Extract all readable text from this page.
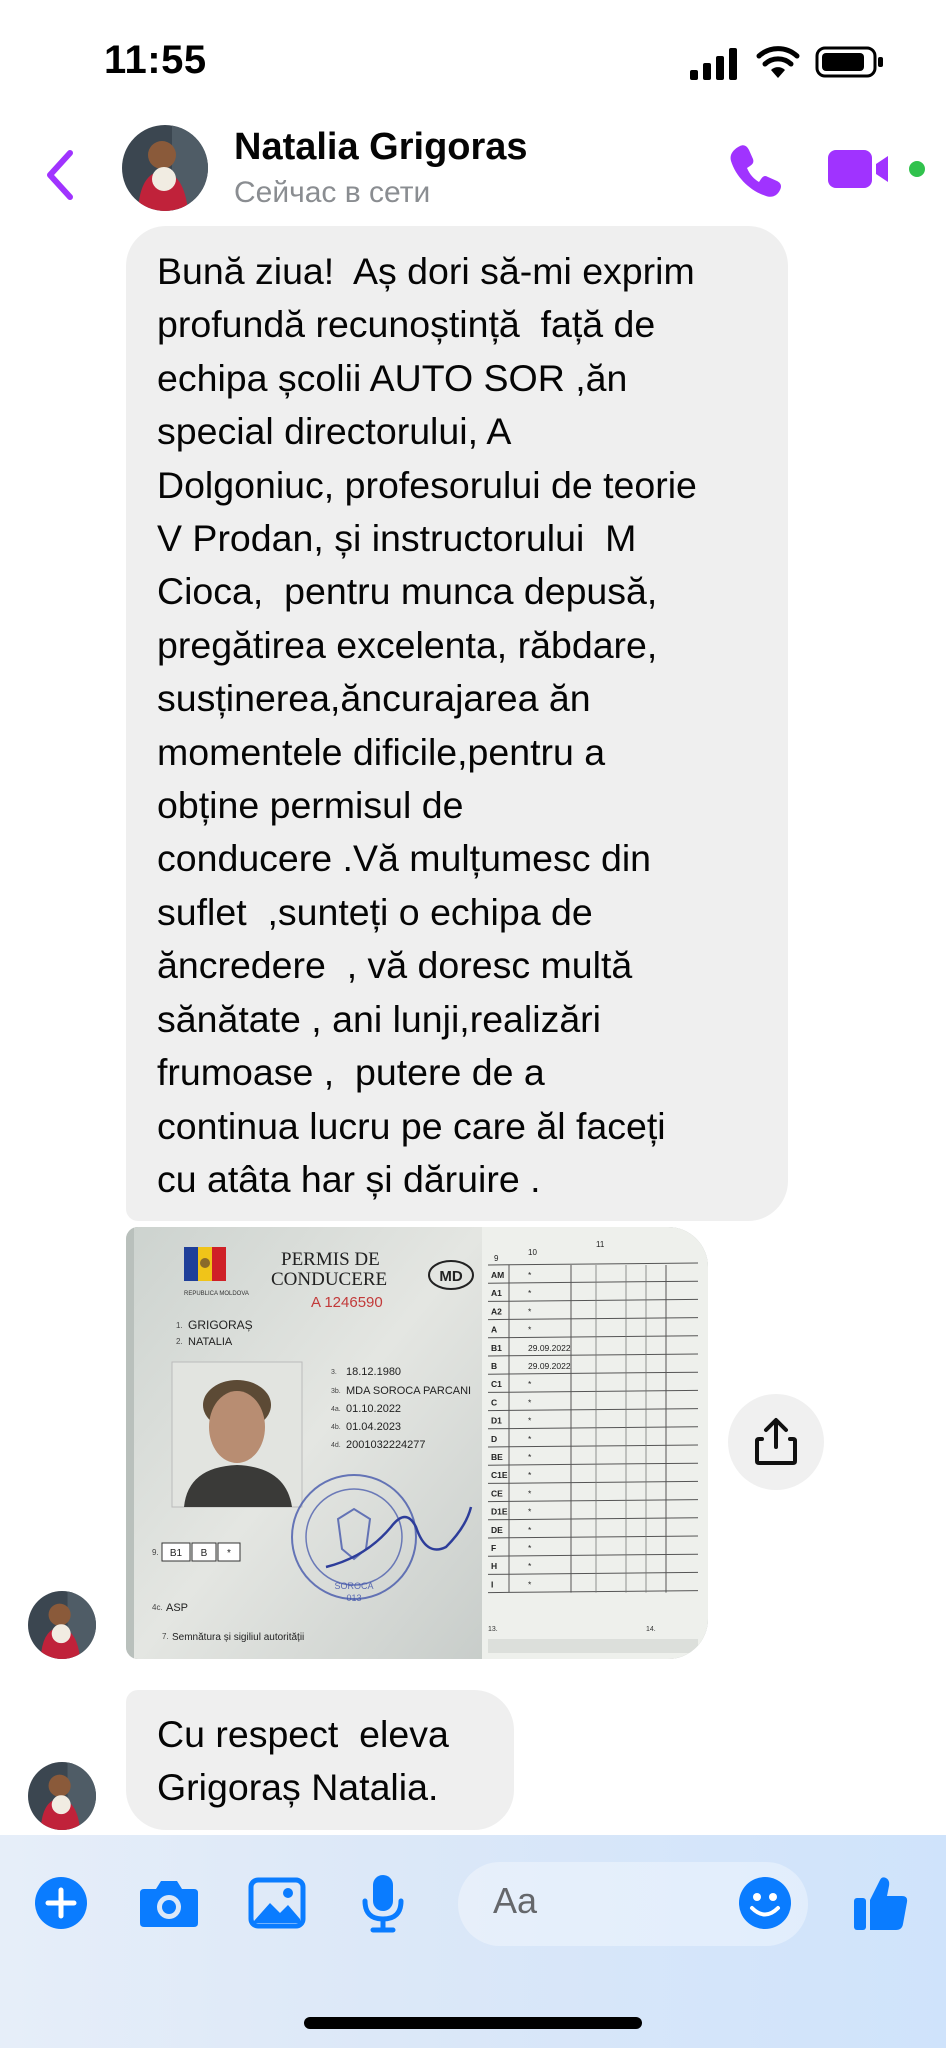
11:55
Natalia Grigoras
Сейчас в сети
Bună ziua!  Aș dori să-mi exprim
profundă recunoștință  față de
echipa școlii AUTO SOR ,ăn
special directorului, A
Dolgoniuc, profesorului de teorie
V Prodan, și instructorului  M
Cioca,  pentru munca depusă,
pregătirea excelenta, răbdare,
susținerea,ăncurajarea ăn
momentele dificile,pentru a
obține permisul de
conducere .Vă mulțumesc din
suflet  ,sunteți o echipa de
ăncredere  , vă doresc multă
sănătate , ani lunji,realizări
frumoase ,  putere de a
continua lucru pe care ăl faceți
cu atâta har și dăruire .
REPUBLICA MOLDOVA
PERMIS DE
CONDUCERE	MD
A 1246590
1. GRIGORAȘ
2. NATALIA
3. 18.12.1980
3b. MDA SOROCA PARCANI
4a. 01.10.2022
4b. 01.04.2023
4d. 2001032224277
SOROCA
013
9. B1 B *
4c. ASP
7. Semnătura și sigiliul autorității
9
10
11
AM	*
A1	*
A2	*
A	*
B1	29.09.2022
B	29.09.2022
C1	*
C	*
D1	*
D	*
BE	*
C1E *
CE	*
D1E *
DE	*
F	*
H	*
I	*
13.	14.
Cu respect  eleva
Grigoraș Natalia.
Aa
